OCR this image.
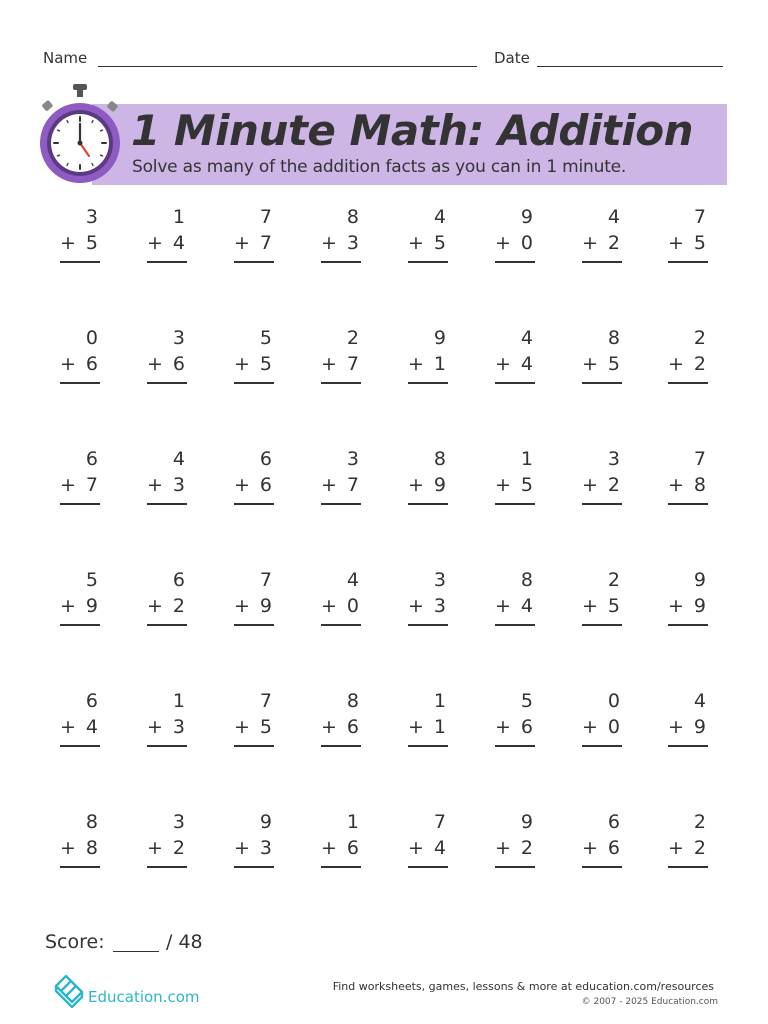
Name	Date
1 Minute Math: Addition
Solve as many of the addition facts as you can in 1 minute.
3
+ 5
1
+ 4
7
+ 7
8
+ 3
4
+ 5
9
+ 0
4
+ 2
7
+ 5
0
+ 6
3
+ 6
5
+ 5
2
+ 7
9
+ 1
4
+ 4
8
+ 5
2
+ 2
6
+ 7
4
+ 3
6
+ 6
3
+ 7
8
+ 9
1
+ 5
3
+ 2
7
+ 8
5
+ 9
6
+ 2
7
+ 9
4
+ 0
3
+ 3
8
+ 4
2
+ 5
9
+ 9
6
+ 4
1
+ 3
7
+ 5
8
+ 6
1
+ 1
5
+ 6
0
+ 0
4
+ 9
8
+ 8
3
+ 2
9
+ 3
1
+ 6
7
+ 4
9
+ 2
6
+ 6
2
+ 2
Score:	/ 48
Education.com
Find worksheets, games, lessons & more at education.com/resources
© 2007 - 2025 Education.com
